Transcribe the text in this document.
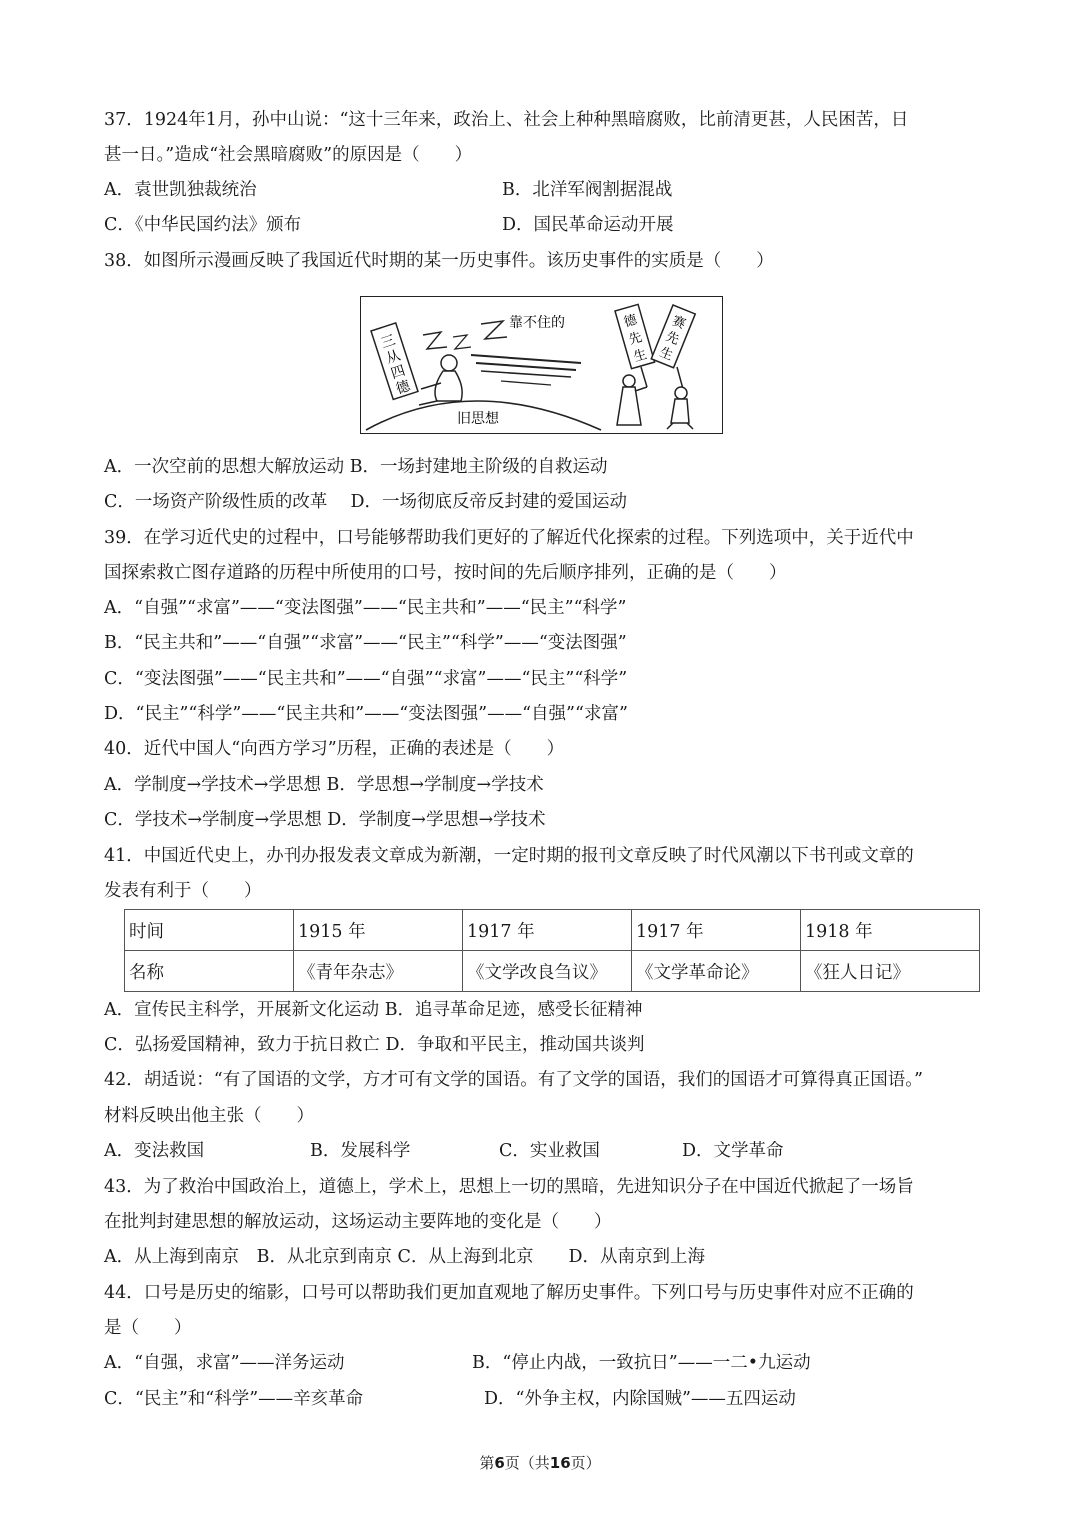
37．1924年1月，孙中山说：“这十三年来，政治上、社会上种种黑暗腐败，比前清更甚，人民困苦，日
甚一日。”造成“社会黑暗腐败”的原因是（　　）
A．袁世凯独裁统治	B．北洋军阀割据混战
C．《中华民国约法》颁布	D．国民革命运动开展
38．如图所示漫画反映了我国近代时期的某一历史事件。该历史事件的实质是（　　）
三
从
四
德
靠不住的
旧思想
德
先
生
赛
先
生
A．一次空前的思想大解放运动 B．一场封建地主阶级的自救运动
C．一场资产阶级性质的改革　 D．一场彻底反帝反封建的爱国运动
39．在学习近代史的过程中，口号能够帮助我们更好的了解近代化探索的过程。下列选项中，关于近代中
国探索救亡图存道路的历程中所使用的口号，按时间的先后顺序排列，正确的是（　　）
A．“自强”“求富”——“变法图强”——“民主共和”——“民主”“科学”
B．“民主共和”——“自强”“求富”——“民主”“科学”——“变法图强”
C．“变法图强”——“民主共和”——“自强”“求富”——“民主”“科学”
D．“民主”“科学”——“民主共和”——“变法图强”——“自强”“求富”
40．近代中国人“向西方学习”历程，正确的表述是（　　）
A．学制度→学技术→学思想 B．学思想→学制度→学技术
C．学技术→学制度→学思想 D．学制度→学思想→学技术
41．中国近代史上，办刊办报发表文章成为新潮，一定时期的报刊文章反映了时代风潮以下书刊或文章的
发表有利于（　　）
时间	1915 年	1917 年	1917 年	1918 年
名称	《青年杂志》	《文学改良刍议》	《文学革命论》	《狂人日记》
A．宣传民主科学，开展新文化运动 B．追寻革命足迹，感受长征精神
C．弘扬爱国精神，致力于抗日救亡 D．争取和平民主，推动国共谈判
42．胡适说：“有了国语的文学，方才可有文学的国语。有了文学的国语，我们的国语才可算得真正国语。”
材料反映出他主张（　　）
A．变法救国	B．发展科学	C．实业救国	D．文学革命
43．为了救治中国政治上，道德上，学术上，思想上一切的黑暗，先进知识分子在中国近代掀起了一场旨
在批判封建思想的解放运动，这场运动主要阵地的变化是（　　）
A．从上海到南京　B．从北京到南京 C．从上海到北京　　D．从南京到上海
44．口号是历史的缩影，口号可以帮助我们更加直观地了解历史事件。下列口号与历史事件对应不正确的
是（　　）
A．“自强，求富”——洋务运动	B．“停止内战，一致抗日”——一二•九运动
C．“民主”和“科学”——辛亥革命	D．“外争主权，内除国贼”——五四运动
第6页（共16页）
